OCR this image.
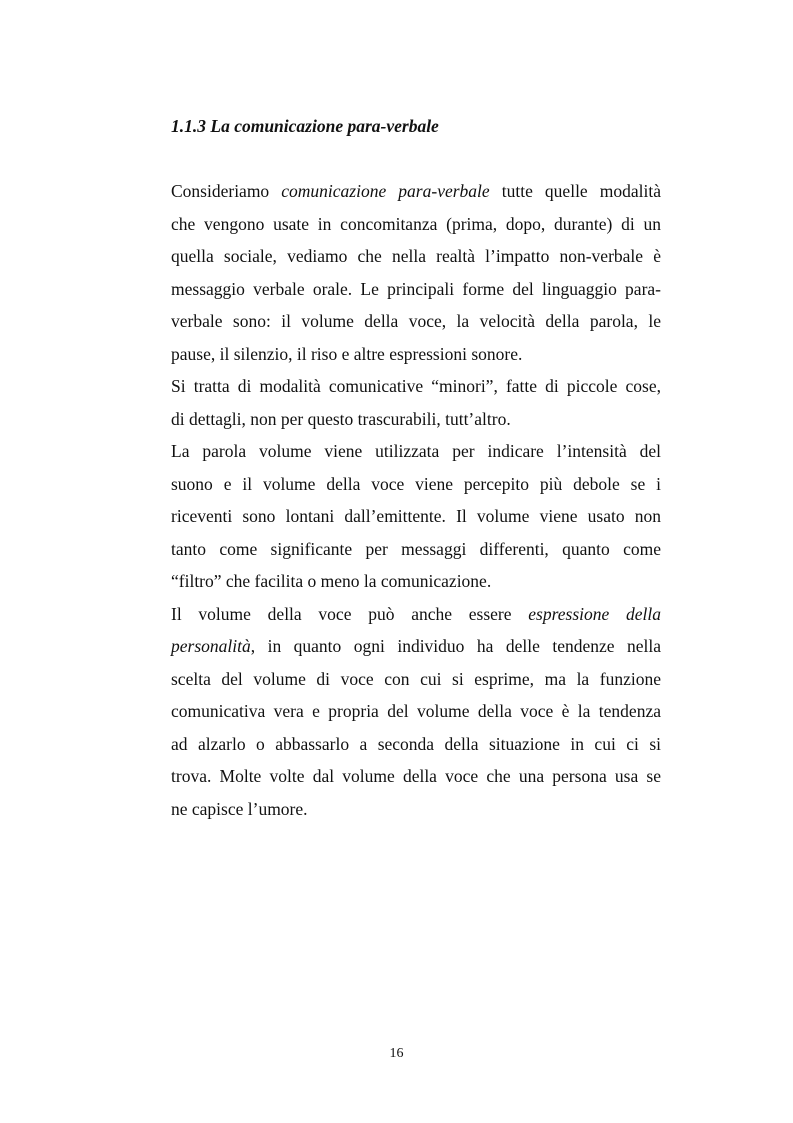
1.1.3 La comunicazione para-verbale
Consideriamo comunicazione para-verbale tutte quelle modalità
che vengono usate in concomitanza (prima, dopo, durante) di un
quella sociale, vediamo che nella realtà l’impatto non-verbale è
messaggio verbale orale. Le principali forme del linguaggio para-
verbale sono: il volume della voce, la velocità della parola, le
pause, il silenzio, il riso e altre espressioni sonore.
Si tratta di modalità comunicative “minori”, fatte di piccole cose,
di dettagli, non per questo trascurabili, tutt’altro.
La parola volume viene utilizzata per indicare l’intensità del
suono e il volume della voce viene percepito più debole se i
riceventi sono lontani dall’emittente. Il volume viene usato non
tanto come significante per messaggi differenti, quanto come
“filtro” che facilita o meno la comunicazione.
Il volume della voce può anche essere espressione della
personalità, in quanto ogni individuo ha delle tendenze nella
scelta del volume di voce con cui si esprime, ma la funzione
comunicativa vera e propria del volume della voce è la tendenza
ad alzarlo o abbassarlo a seconda della situazione in cui ci si
trova. Molte volte dal volume della voce che una persona usa se
ne capisce l’umore.
16
